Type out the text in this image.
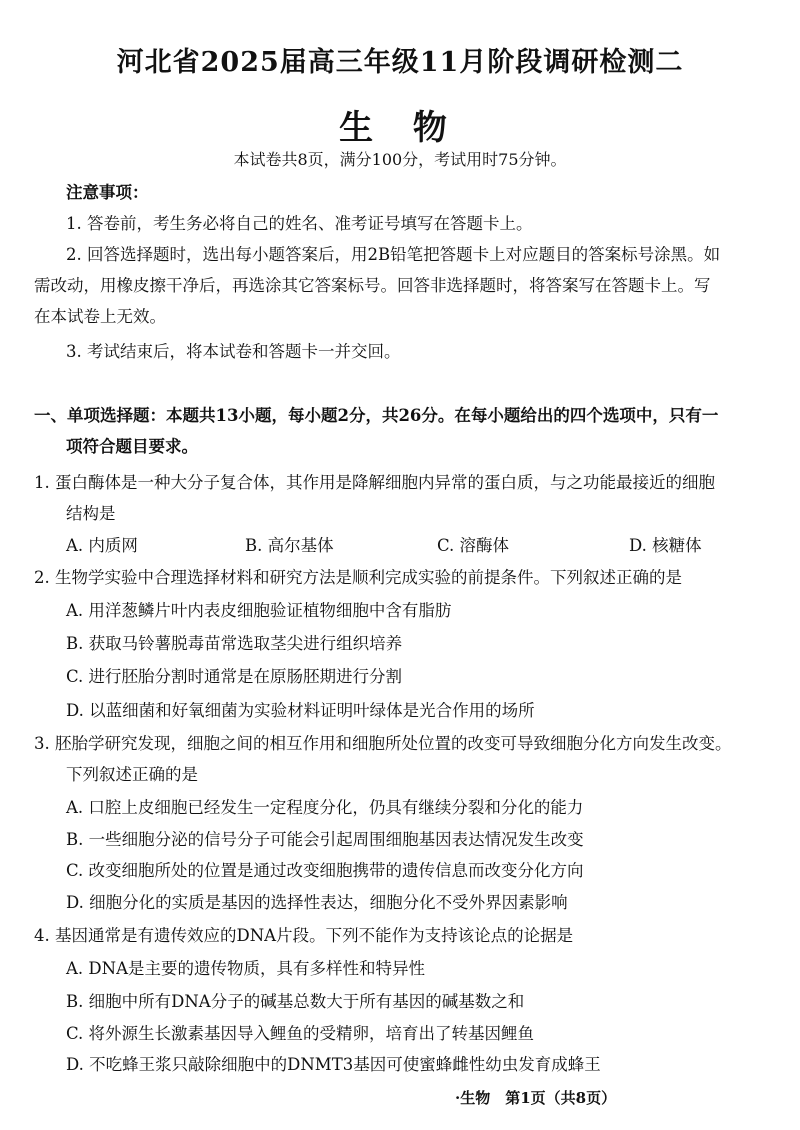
河北省2025届高三年级11月阶段调研检测二
生 物
本试卷共8页，满分100分，考试用时75分钟。
注意事项：
1. 答卷前，考生务必将自己的姓名、准考证号填写在答题卡上。
2. 回答选择题时，选出每小题答案后，用2B铅笔把答题卡上对应题目的答案标号涂黑。如
需改动，用橡皮擦干净后，再选涂其它答案标号。回答非选择题时，将答案写在答题卡上。写
在本试卷上无效。
3. 考试结束后，将本试卷和答题卡一并交回。
一、单项选择题：本题共13小题，每小题2分，共26分。在每小题给出的四个选项中，只有一
项符合题目要求。
1. 蛋白酶体是一种大分子复合体，其作用是降解细胞内异常的蛋白质，与之功能最接近的细胞
结构是
A. 内质网	B. 高尔基体	C. 溶酶体	D. 核糖体
2. 生物学实验中合理选择材料和研究方法是顺利完成实验的前提条件。下列叙述正确的是
A. 用洋葱鳞片叶内表皮细胞验证植物细胞中含有脂肪
B. 获取马铃薯脱毒苗常选取茎尖进行组织培养
C. 进行胚胎分割时通常是在原肠胚期进行分割
D. 以蓝细菌和好氧细菌为实验材料证明叶绿体是光合作用的场所
3. 胚胎学研究发现，细胞之间的相互作用和细胞所处位置的改变可导致细胞分化方向发生改变。
下列叙述正确的是
A. 口腔上皮细胞已经发生一定程度分化，仍具有继续分裂和分化的能力
B. 一些细胞分泌的信号分子可能会引起周围细胞基因表达情况发生改变
C. 改变细胞所处的位置是通过改变细胞携带的遗传信息而改变分化方向
D. 细胞分化的实质是基因的选择性表达，细胞分化不受外界因素影响
4. 基因通常是有遗传效应的DNA片段。下列不能作为支持该论点的论据是
A. DNA是主要的遗传物质，具有多样性和特异性
B. 细胞中所有DNA分子的碱基总数大于所有基因的碱基数之和
C. 将外源生长激素基因导入鲤鱼的受精卵，培育出了转基因鲤鱼
D. 不吃蜂王浆只敲除细胞中的DNMT3基因可使蜜蜂雌性幼虫发育成蜂王
·生物　第1页（共8页）
